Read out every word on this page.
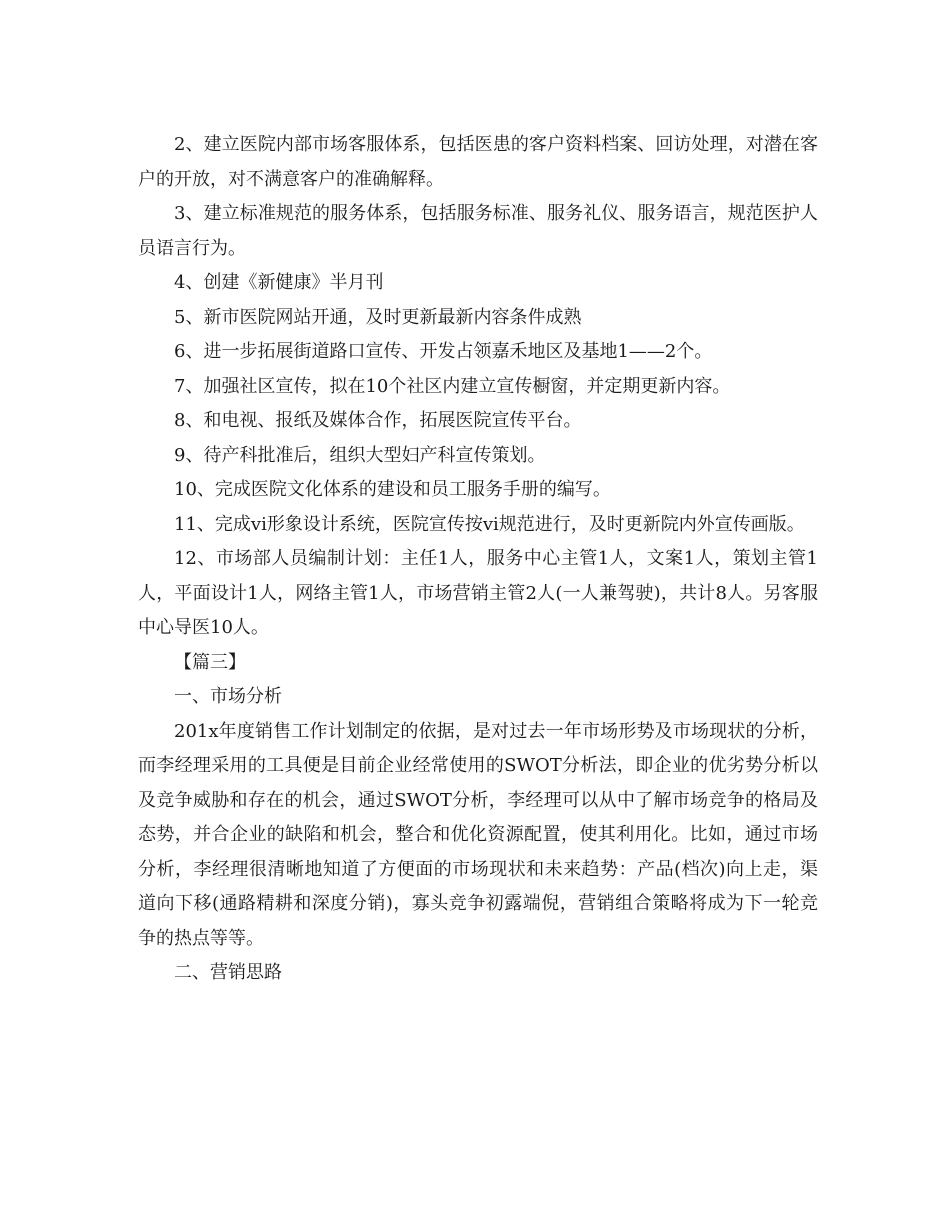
2、建立医院内部市场客服体系，包括医患的客户资料档案、回访处理，对潜在客户的开放，对不满意客户的准确解释。

3、建立标准规范的服务体系，包括服务标准、服务礼仪、服务语言，规范医护人员语言行为。

4、创建《新健康》半月刊

5、新市医院网站开通，及时更新最新内容条件成熟

6、进一步拓展街道路口宣传、开发占领嘉禾地区及基地1——2个。

7、加强社区宣传，拟在10个社区内建立宣传橱窗，并定期更新内容。

8、和电视、报纸及媒体合作，拓展医院宣传平台。

9、待产科批准后，组织大型妇产科宣传策划。

10、完成医院文化体系的建设和员工服务手册的编写。

11、完成vi形象设计系统，医院宣传按vi规范进行，及时更新院内外宣传画版。

12、市场部人员编制计划：主任1人，服务中心主管1人，文案1人，策划主管1人，平面设计1人，网络主管1人，市场营销主管2人(一人兼驾驶)，共计8人。另客服中心导医10人。

【篇三】

一、市场分析

201x年度销售工作计划制定的依据，是对过去一年市场形势及市场现状的分析，而李经理采用的工具便是目前企业经常使用的SWOT分析法，即企业的优劣势分析以及竞争威胁和存在的机会，通过SWOT分析，李经理可以从中了解市场竞争的格局及态势，并合企业的缺陷和机会，整合和优化资源配置，使其利用化。比如，通过市场分析，李经理很清晰地知道了方便面的市场现状和未来趋势：产品(档次)向上走，渠道向下移(通路精耕和深度分销)，寡头竞争初露端倪，营销组合策略将成为下一轮竞争的热点等等。

二、营销思路
